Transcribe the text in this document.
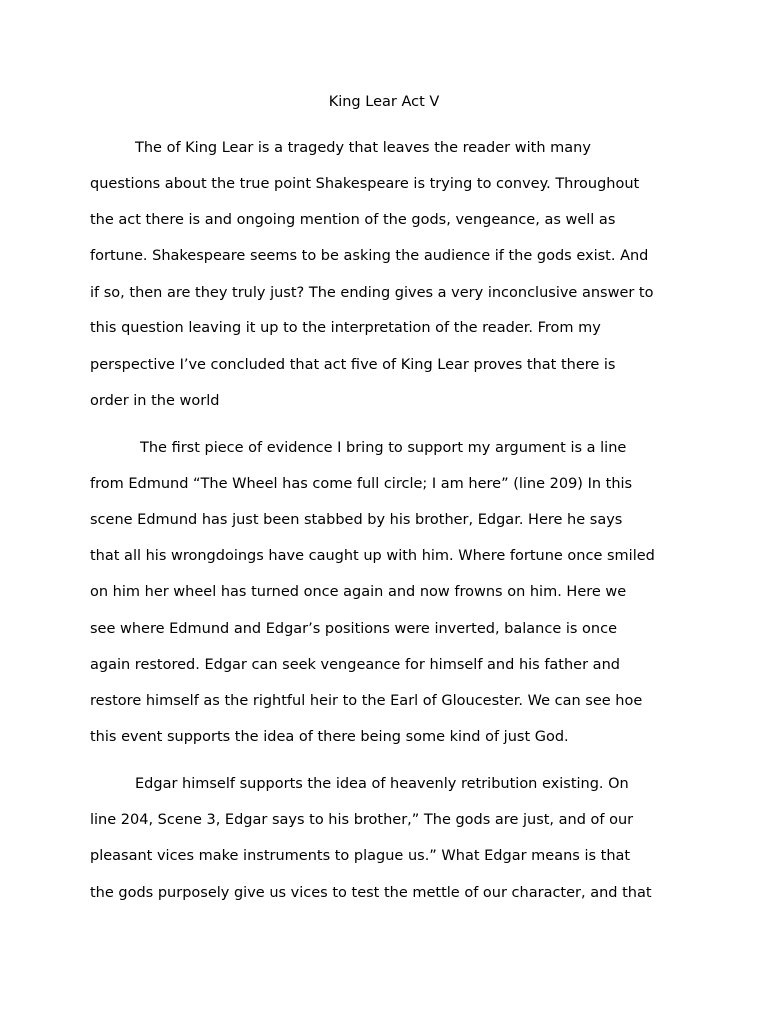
King Lear Act V
The of King Lear is a tragedy that leaves the reader with many
questions about the true point Shakespeare is trying to convey. Throughout
the act there is and ongoing mention of the gods, vengeance, as well as
fortune. Shakespeare seems to be asking the audience if the gods exist. And
if so, then are they truly just? The ending gives a very inconclusive answer to
this question leaving it up to the interpretation of the reader. From my
perspective I’ve concluded that act five of King Lear proves that there is
order in the world
The first piece of evidence I bring to support my argument is a line
from Edmund “The Wheel has come full circle; I am here” (line 209) In this
scene Edmund has just been stabbed by his brother, Edgar. Here he says
that all his wrongdoings have caught up with him. Where fortune once smiled
on him her wheel has turned once again and now frowns on him. Here we
see where Edmund and Edgar’s positions were inverted, balance is once
again restored. Edgar can seek vengeance for himself and his father and
restore himself as the rightful heir to the Earl of Gloucester. We can see hoe
this event supports the idea of there being some kind of just God.
Edgar himself supports the idea of heavenly retribution existing. On
line 204, Scene 3, Edgar says to his brother,” The gods are just, and of our
pleasant vices make instruments to plague us.” What Edgar means is that
the gods purposely give us vices to test the mettle of our character, and that
